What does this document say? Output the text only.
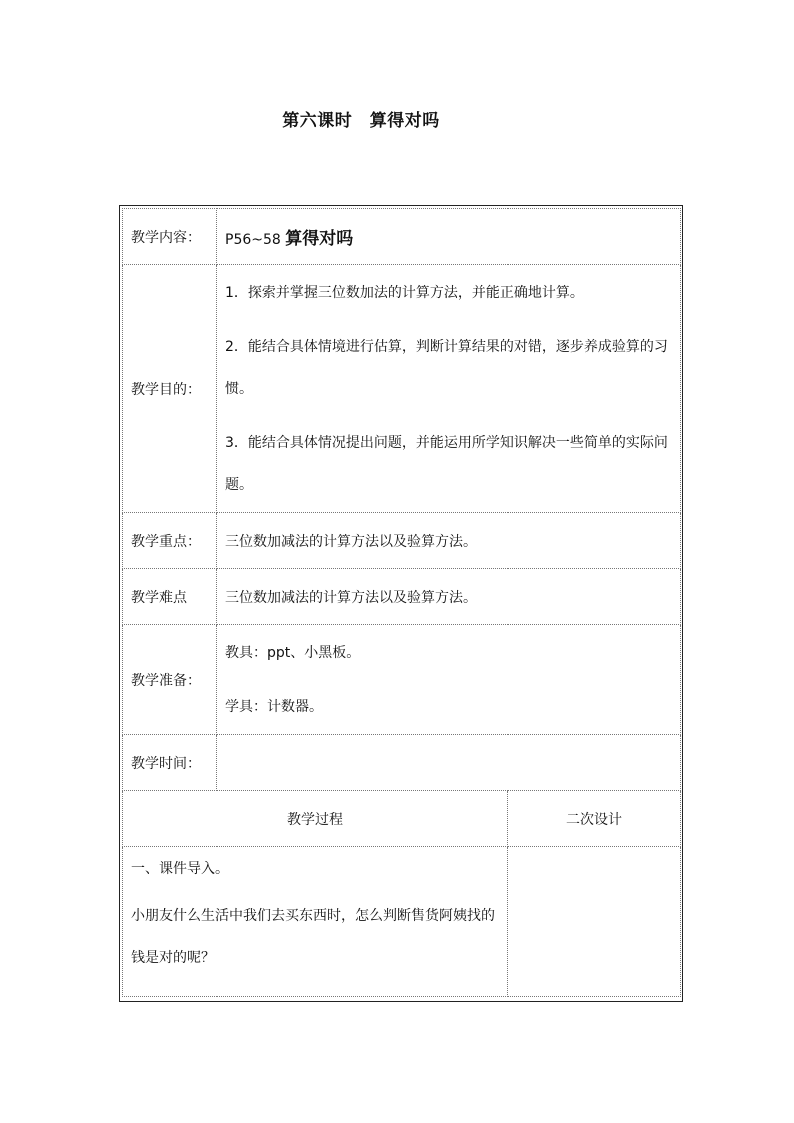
第六课时　算得对吗
教学内容：	P56~58 算得对吗	
教学目的：	1．探索并掌握三位数加法的计算方法，并能正确地计算。
2．能结合具体情境进行估算，判断计算结果的对错，逐步养成验算的习惯。
3．能结合具体情况提出问题，并能运用所学知识解决一些简单的实际问题。	

教学重点：	三位数加减法的计算方法以及验算方法。	
教学难点	三位数加减法的计算方法以及验算方法。	
教学准备：	教具：ppt、小黑板。
学具：计数器。	

教学时间：		
教学过程		二次设计

一、课件导入。
小朋友什么生活中我们去买东西时，怎么判断售货阿姨找的钱是对的呢？		
